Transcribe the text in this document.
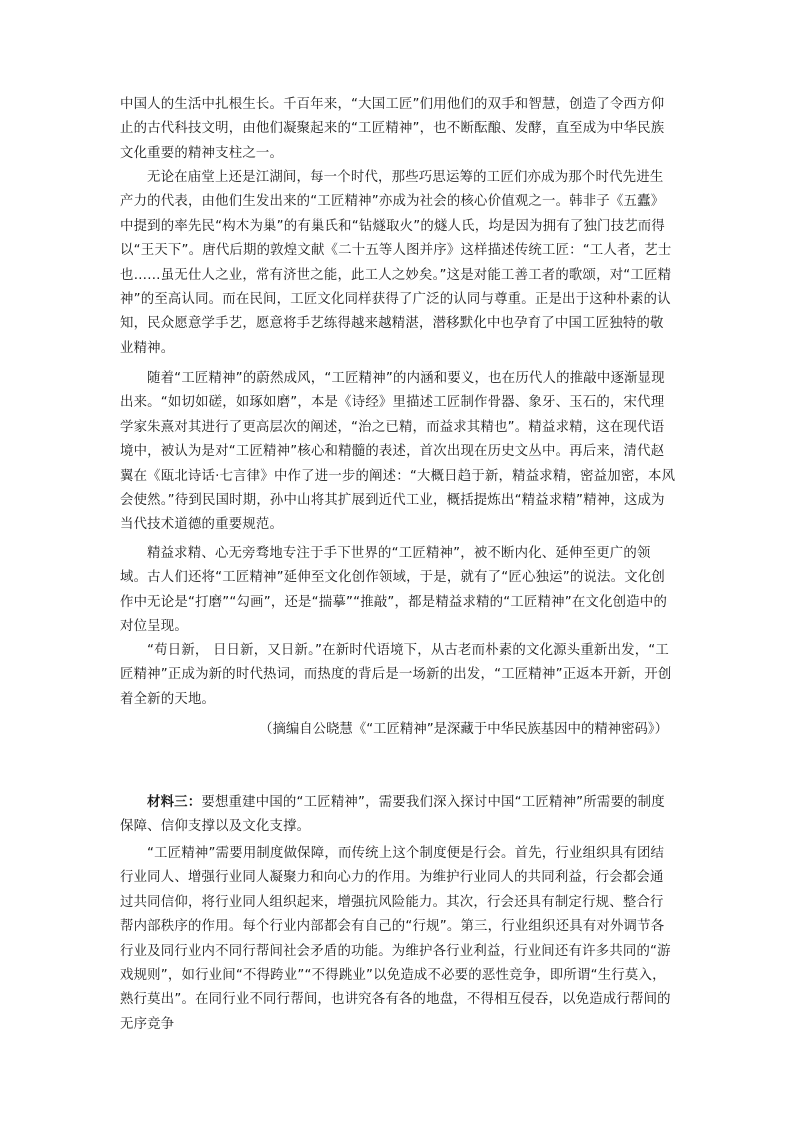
中国人的生活中扎根生长。千百年来，“大国工匠”们用他们的双手和智慧，创造了令西方仰止的古代科技文明，由他们凝聚起来的“工匠精神”，也不断酝酿、发酵，直至成为中华民族文化重要的精神支柱之一。

无论在庙堂上还是江湖间，每一个时代，那些巧思运筹的工匠们亦成为那个时代先进生产力的代表，由他们生发出来的“工匠精神”亦成为社会的核心价值观之一。韩非子《五蠹》中提到的率先民“构木为巢”的有巢氏和“钻燧取火”的燧人氏，均是因为拥有了独门技艺而得以“王天下”。唐代后期的敦煌文献《二十五等人图并序》这样描述传统工匠：“工人者，艺士也……虽无仕人之业，常有济世之能，此工人之妙矣。”这是对能工善工者的歌颂，对“工匠精神”的至高认同。而在民间，工匠文化同样获得了广泛的认同与尊重。正是出于这种朴素的认知，民众愿意学手艺，愿意将手艺练得越来越精湛，潜移默化中也孕育了中国工匠独特的敬业精神。

随着“工匠精神”的蔚然成风，“工匠精神”的内涵和要义，也在历代人的推敲中逐渐显现出来。“如切如磋，如琢如磨”，本是《诗经》里描述工匠制作骨器、象牙、玉石的，宋代理学家朱熹对其进行了更高层次的阐述，“治之已精，而益求其精也”。精益求精，这在现代语境中，被认为是对“工匠精神”核心和精髓的表述，首次出现在历史文丛中。再后来，清代赵翼在《瓯北诗话·七言律》中作了进一步的阐述：“大概日趋于新，精益求精，密益加密，本风会使然。”待到民国时期，孙中山将其扩展到近代工业，概括提炼出“精益求精”精神，这成为当代技术道德的重要规范。

精益求精、心无旁骛地专注于手下世界的“工匠精神”，被不断内化、延伸至更广的领域。古人们还将“工匠精神”延伸至文化创作领域，于是，就有了“匠心独运”的说法。文化创作中无论是“打磨”“勾画”，还是“揣摹”“推敲”，都是精益求精的“工匠精神”在文化创造中的对位呈现。

“苟日新， 日日新，又日新。”在新时代语境下，从古老而朴素的文化源头重新出发，“工匠精神”正成为新的时代热词，而热度的背后是一场新的出发，“工匠精神”正返本开新，开创着全新的天地。

（摘编自公晓慧《“工匠精神”是深藏于中华民族基因中的精神密码》）

材料三：要想重建中国的“工匠精神”，需要我们深入探讨中国“工匠精神”所需要的制度保障、信仰支撑以及文化支撑。

“工匠精神”需要用制度做保障，而传统上这个制度便是行会。首先，行业组织具有团结行业同人、增强行业同人凝聚力和向心力的作用。为维护行业同人的共同利益，行会都会通过共同信仰，将行业同人组织起来，增强抗风险能力。其次，行会还具有制定行规、整合行帮内部秩序的作用。每个行业内部都会有自己的“行规”。第三，行业组织还具有对外调节各行业及同行业内不同行帮间社会矛盾的功能。为维护各行业利益，行业间还有许多共同的“游戏规则”，如行业间“不得跨业”“不得跳业”以免造成不必要的恶性竞争，即所谓“生行莫入，熟行莫出”。在同行业不同行帮间，也讲究各有各的地盘，不得相互侵吞，以免造成行帮间的无序竞争
